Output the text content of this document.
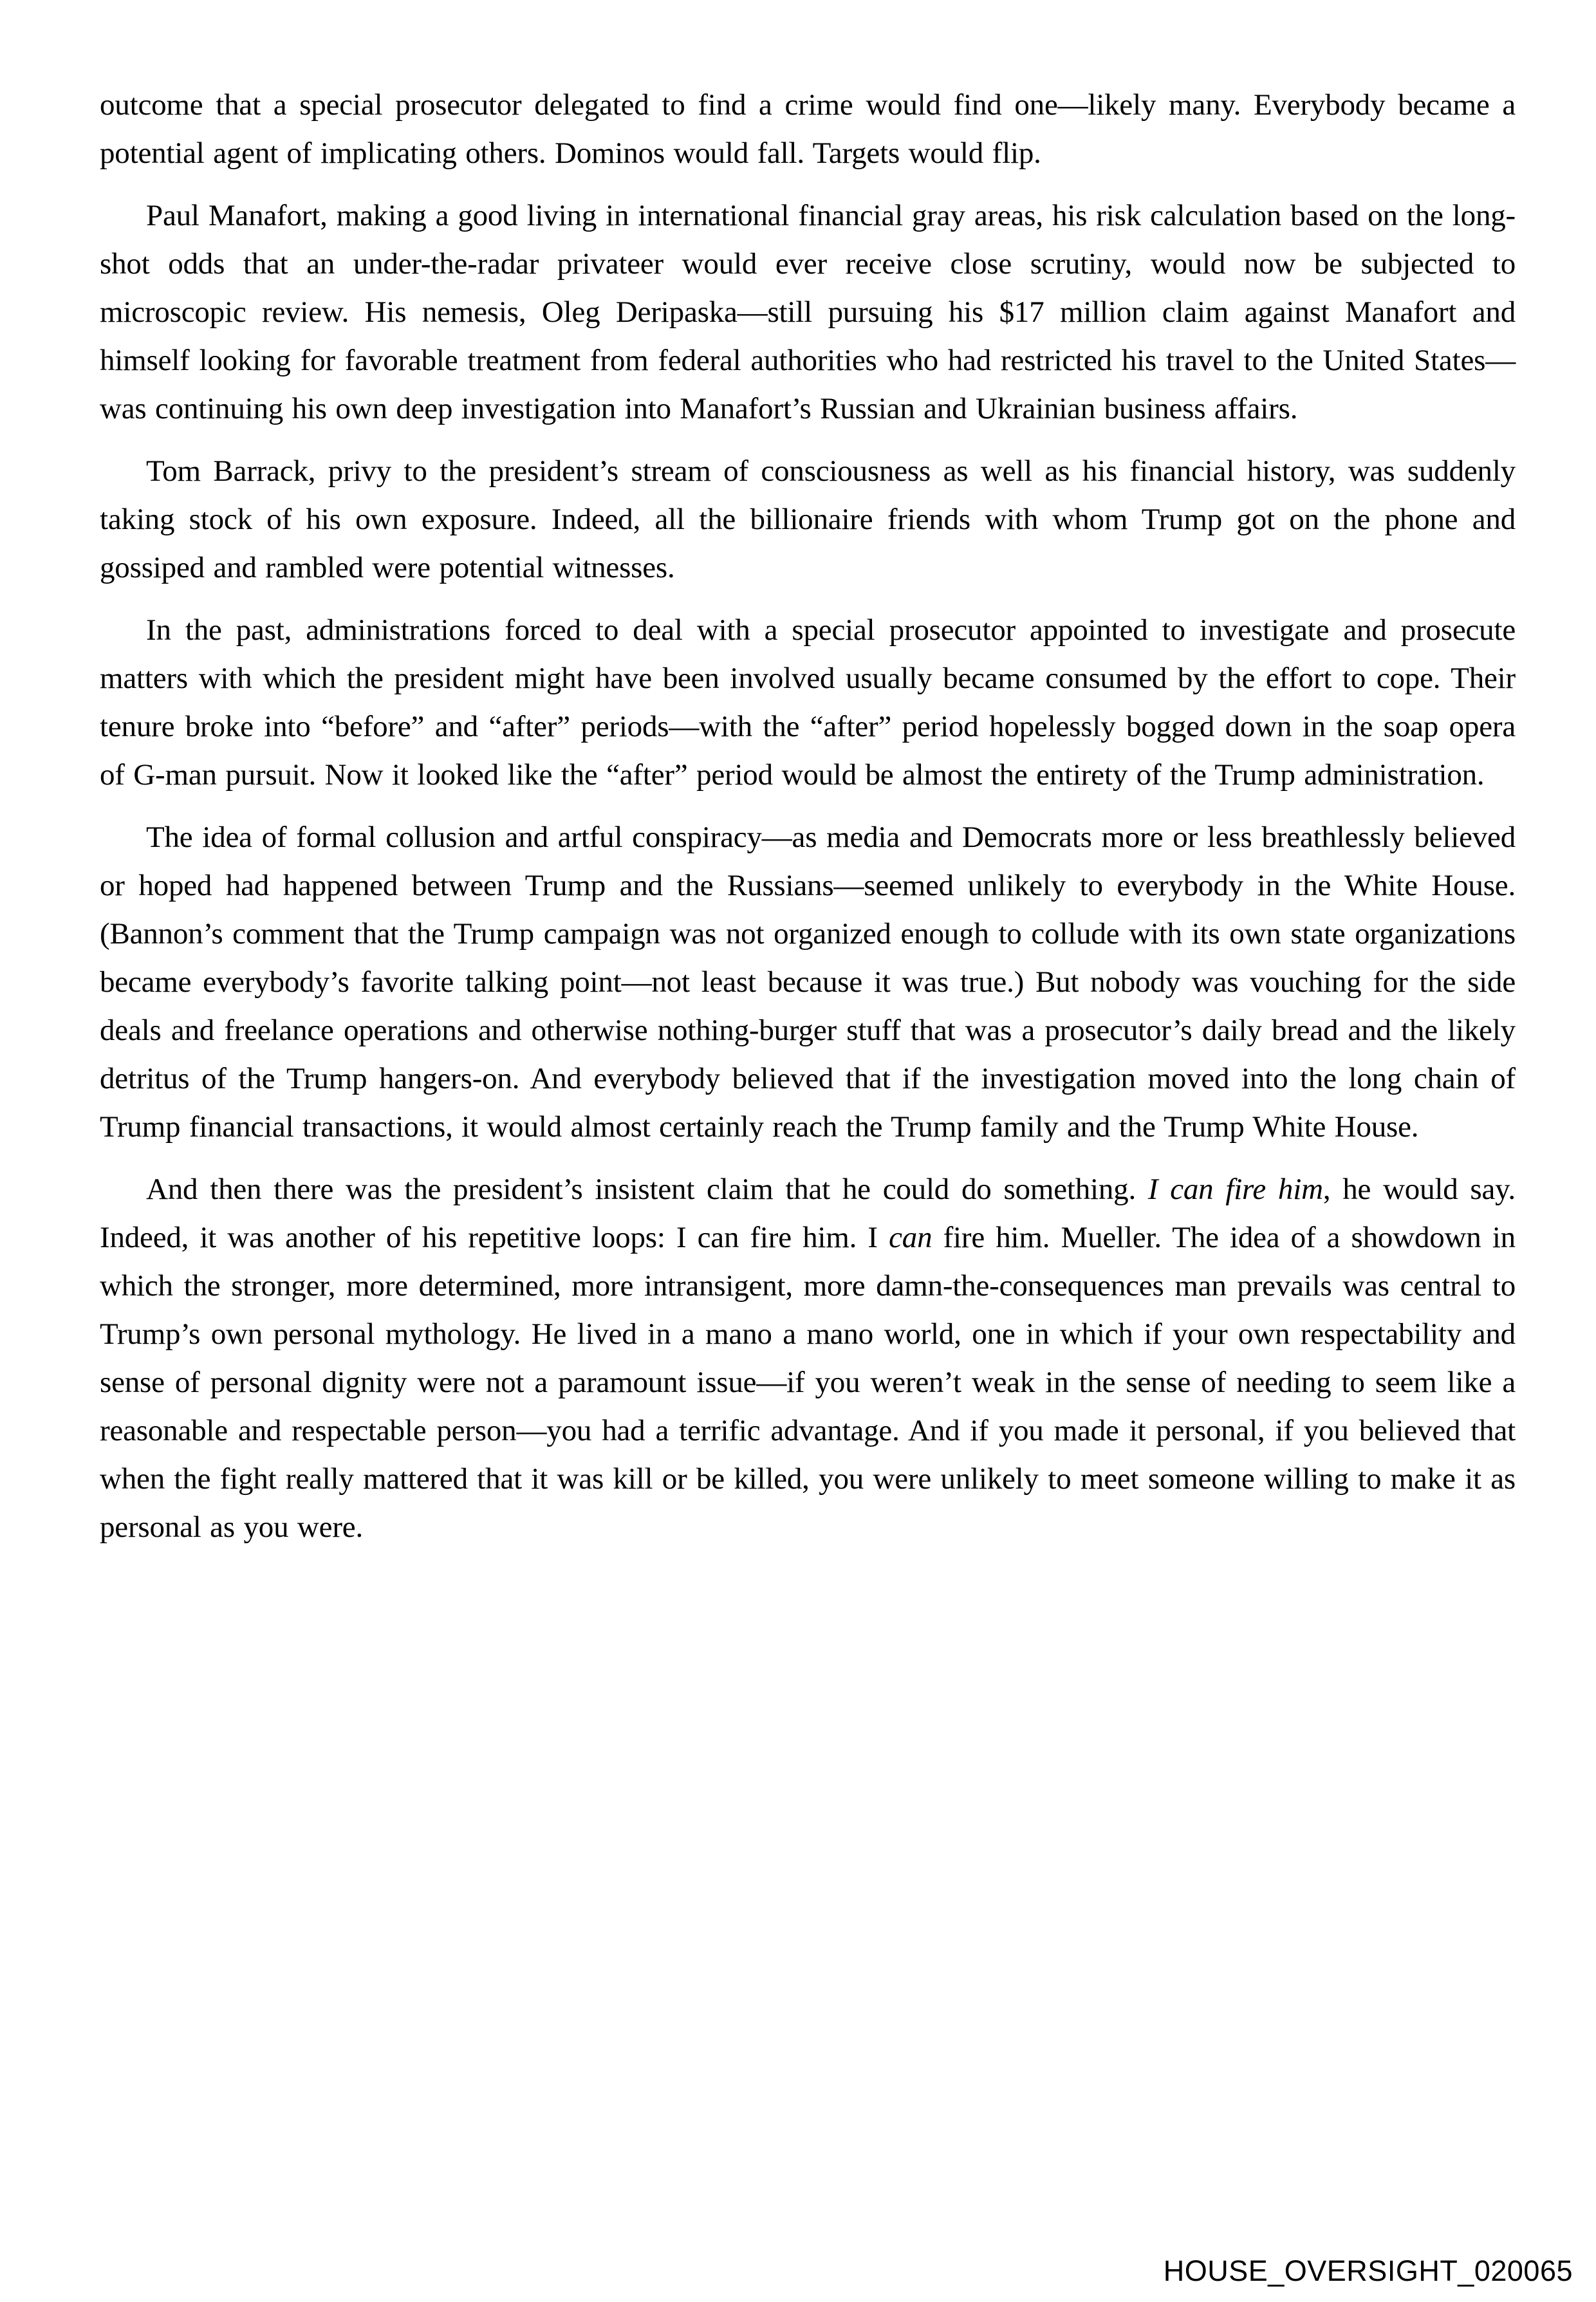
outcome that a special prosecutor delegated to find a crime would find one—likely many. Everybody became a potential agent of implicating others. Dominos would fall. Targets would flip.

Paul Manafort, making a good living in international financial gray areas, his risk calculation based on the long-shot odds that an under-the-radar privateer would ever receive close scrutiny, would now be subjected to microscopic review. His nemesis, Oleg Deripaska—still pursuing his $17 million claim against Manafort and himself looking for favorable treatment from federal authorities who had restricted his travel to the United States—was continuing his own deep investigation into Manafort’s Russian and Ukrainian business affairs.

Tom Barrack, privy to the president’s stream of consciousness as well as his financial history, was suddenly taking stock of his own exposure. Indeed, all the billionaire friends with whom Trump got on the phone and gossiped and rambled were potential witnesses.

In the past, administrations forced to deal with a special prosecutor appointed to investigate and prosecute matters with which the president might have been involved usually became consumed by the effort to cope. Their tenure broke into “before” and “after” periods—with the “after” period hopelessly bogged down in the soap opera of G-man pursuit. Now it looked like the “after” period would be almost the entirety of the Trump administration.

The idea of formal collusion and artful conspiracy—as media and Democrats more or less breathlessly believed or hoped had happened between Trump and the Russians—seemed unlikely to everybody in the White House. (Bannon’s comment that the Trump campaign was not organized enough to collude with its own state organizations became everybody’s favorite talking point—not least because it was true.) But nobody was vouching for the side deals and freelance operations and otherwise nothing-burger stuff that was a prosecutor’s daily bread and the likely detritus of the Trump hangers-on. And everybody believed that if the investigation moved into the long chain of Trump financial transactions, it would almost certainly reach the Trump family and the Trump White House.

And then there was the president’s insistent claim that he could do something. I can fire him, he would say. Indeed, it was another of his repetitive loops: I can fire him. I can fire him. Mueller. The idea of a showdown in which the stronger, more determined, more intransigent, more damn-the-consequences man prevails was central to Trump’s own personal mythology. He lived in a mano a mano world, one in which if your own respectability and sense of personal dignity were not a paramount issue—if you weren’t weak in the sense of needing to seem like a reasonable and respectable person—you had a terrific advantage. And if you made it personal, if you believed that when the fight really mattered that it was kill or be killed, you were unlikely to meet someone willing to make it as personal as you were.

HOUSE_OVERSIGHT_020065
